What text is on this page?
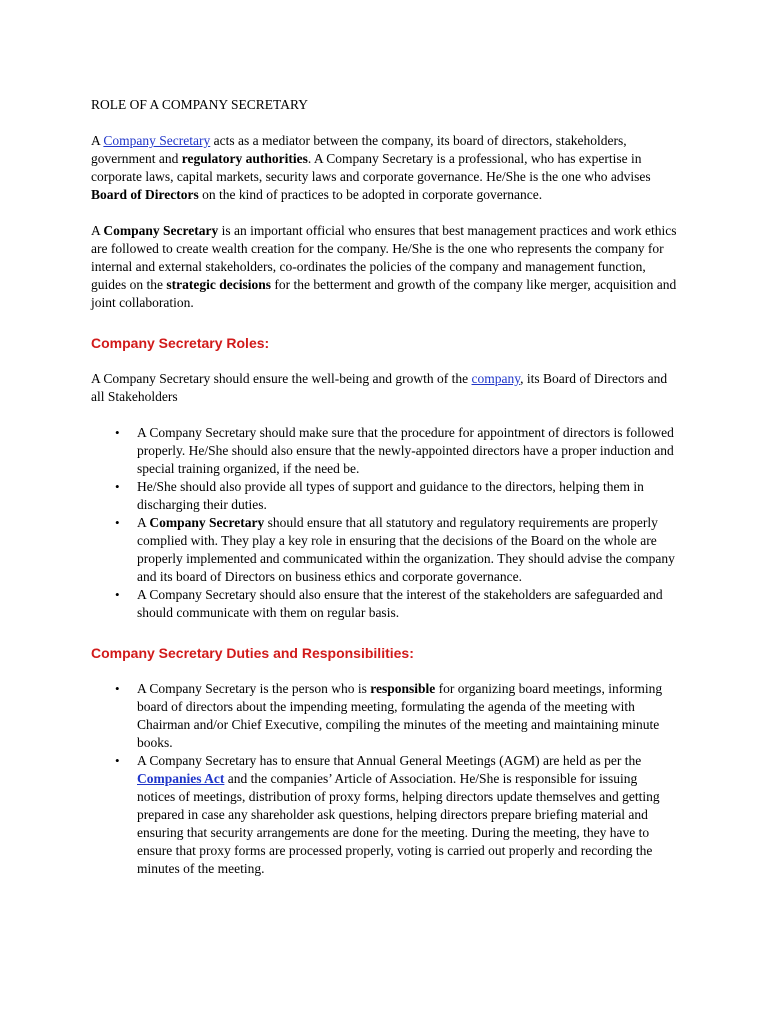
ROLE OF A COMPANY SECRETARY

A Company Secretary acts as a mediator between the company, its board of directors, stakeholders, government and regulatory authorities. A Company Secretary is a professional, who has expertise in corporate laws, capital markets, security laws and corporate governance. He/She is the one who advises Board of Directors on the kind of practices to be adopted in corporate governance.

A Company Secretary is an important official who ensures that best management practices and work ethics are followed to create wealth creation for the company. He/She is the one who represents the company for internal and external stakeholders, co-ordinates the policies of the company and management function, guides on the strategic decisions for the betterment and growth of the company like merger, acquisition and joint collaboration.

Company Secretary Roles:

A Company Secretary should ensure the well-being and growth of the company, its Board of Directors and all Stakeholders

• A Company Secretary should make sure that the procedure for appointment of directors is followed properly. He/She should also ensure that the newly-appointed directors have a proper induction and special training organized, if the need be.
• He/She should also provide all types of support and guidance to the directors, helping them in discharging their duties.
• A Company Secretary should ensure that all statutory and regulatory requirements are properly complied with. They play a key role in ensuring that the decisions of the Board on the whole are properly implemented and communicated within the organization. They should advise the company and its board of Directors on business ethics and corporate governance.
• A Company Secretary should also ensure that the interest of the stakeholders are safeguarded and should communicate with them on regular basis.
Company Secretary Duties and Responsibilities:
• A Company Secretary is the person who is responsible for organizing board meetings, informing board of directors about the impending meeting, formulating the agenda of the meeting with Chairman and/or Chief Executive, compiling the minutes of the meeting and maintaining minute books.
• A Company Secretary has to ensure that Annual General Meetings (AGM) are held as per the Companies Act and the companies’ Article of Association. He/She is responsible for issuing notices of meetings, distribution of proxy forms, helping directors update themselves and getting prepared in case any shareholder ask questions, helping directors prepare briefing material and ensuring that security arrangements are done for the meeting. During the meeting, they have to ensure that proxy forms are processed properly, voting is carried out properly and recording the minutes of the meeting.
